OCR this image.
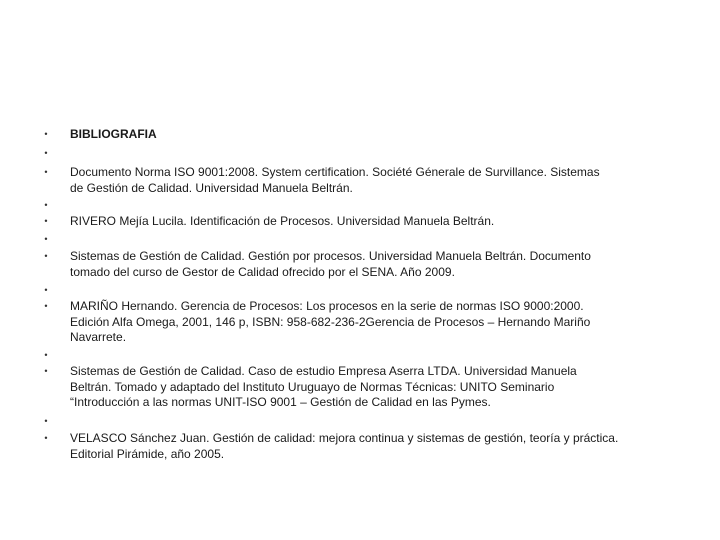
•	BIBLIOGRAFIA
•
•	Documento Norma ISO 9001:2008. System certification. Société Génerale de Survillance. Sistemas
de Gestión de Calidad. Universidad Manuela Beltrán.
•
•	RIVERO Mejía Lucila. Identificación de Procesos. Universidad Manuela Beltrán.
•
•	Sistemas de Gestión de Calidad. Gestión por procesos. Universidad Manuela Beltrán. Documento
tomado del curso de Gestor de Calidad ofrecido por el SENA. Año 2009.
•
•	MARIÑO Hernando. Gerencia de Procesos: Los procesos en la serie de normas ISO 9000:2000.
Edición Alfa Omega, 2001, 146 p, ISBN: 958-682-236-2Gerencia de Procesos – Hernando Mariño
Navarrete.
•
•	Sistemas de Gestión de Calidad. Caso de estudio Empresa Aserra LTDA. Universidad Manuela
Beltrán. Tomado y adaptado del Instituto Uruguayo de Normas Técnicas: UNITO Seminario
“Introducción a las normas UNIT-ISO 9001 – Gestión de Calidad en las Pymes.
•
•	VELASCO Sánchez Juan. Gestión de calidad: mejora continua y sistemas de gestión, teoría y práctica.
Editorial Pirámide, año 2005.
